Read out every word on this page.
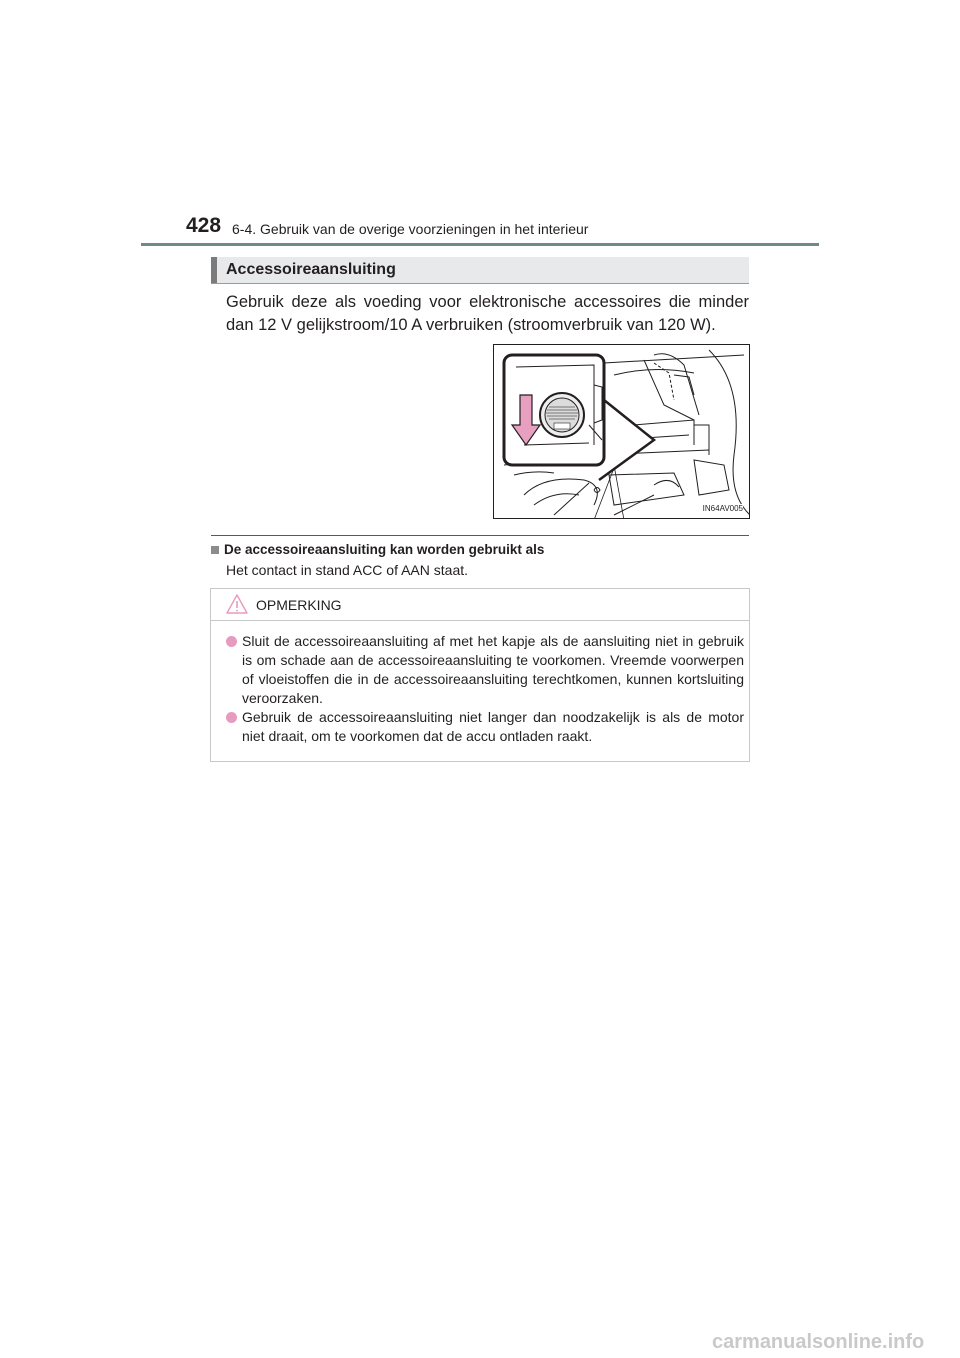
428 6-4. Gebruik van de overige voorzieningen in het interieur
Accessoireaansluiting
Gebruik deze als voeding voor elektronische accessoires die minder
dan 12 V gelijkstroom/10 A verbruiken (stroomverbruik van 120 W).
IN64AV005
De accessoireaansluiting kan worden gebruikt als
Het contact in stand ACC of AAN staat.
OPMERKING
Sluit de accessoireaansluiting af met het kapje als de aansluiting niet in gebruik is om schade aan de accessoireaansluiting te voorkomen. Vreemde voorwerpen of vloeistoffen die in de accessoireaansluiting terechtkomen, kunnen kortsluiting veroorzaken.
Gebruik de accessoireaansluiting niet langer dan noodzakelijk is als de motor niet draait, om te voorkomen dat de accu ontladen raakt.
carmanualsonline.info
